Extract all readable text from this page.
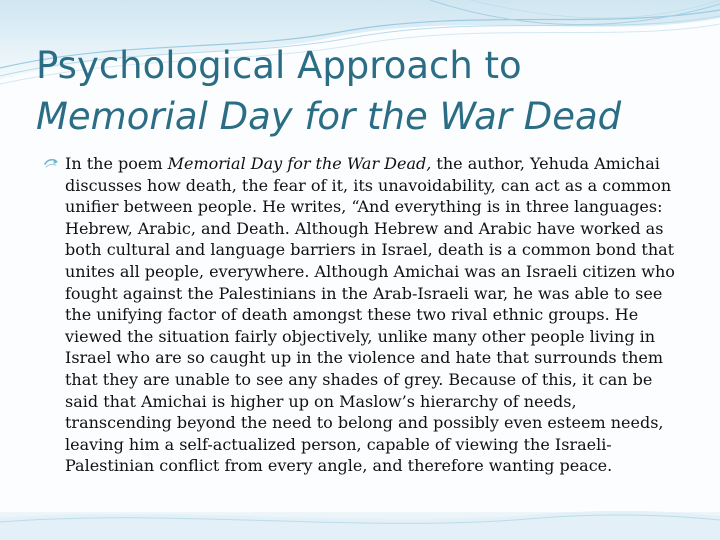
Psychological Approach to
Memorial Day for the War Dead

In the poem Memorial Day for the War Dead, the author, Yehuda Amichai discusses how death, the fear of it, its unavoidability, can act as a common unifier between people. He writes, “And everything is in three languages: Hebrew, Arabic, and Death. Although Hebrew and Arabic have worked as both cultural and language barriers in Israel, death is a common bond that unites all people, everywhere. Although Amichai was an Israeli citizen who fought against the Palestinians in the Arab-Israeli war, he was able to see the unifying factor of death amongst these two rival ethnic groups. He viewed the situation fairly objectively, unlike many other people living in Israel who are so caught up in the violence and hate that surrounds them that they are unable to see any shades of grey. Because of this, it can be said that Amichai is higher up on Maslow’s hierarchy of needs, transcending beyond the need to belong and possibly even esteem needs, leaving him a self-actualized person, capable of viewing the Israeli-Palestinian conflict from every angle, and therefore wanting peace.
